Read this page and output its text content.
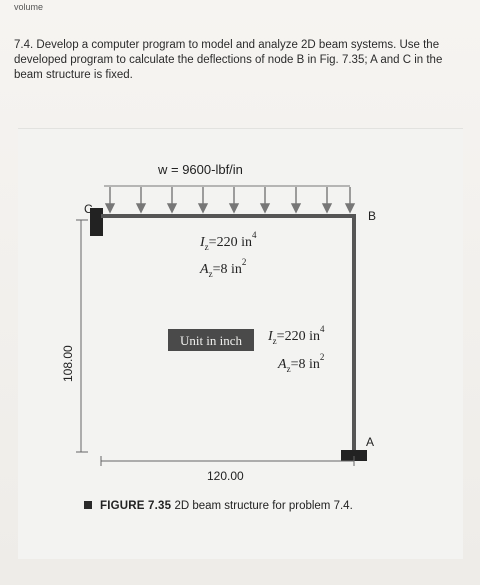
volume
7.4. Develop a computer program to model and analyze 2D beam systems. Use the developed program to calculate the deflections of node B in Fig. 7.35; A and C in the beam structure is fixed.
w = 9600-lbf/in
C	B
A
$I_z=220$ $in^4$
$A_z=8$ $in^2$
Unit in inch $I_z=220$ $in^4$
$A_z=8$ $in^2$
108.00
120.00
FIGURE 7.35 2D beam structure for problem 7.4.
